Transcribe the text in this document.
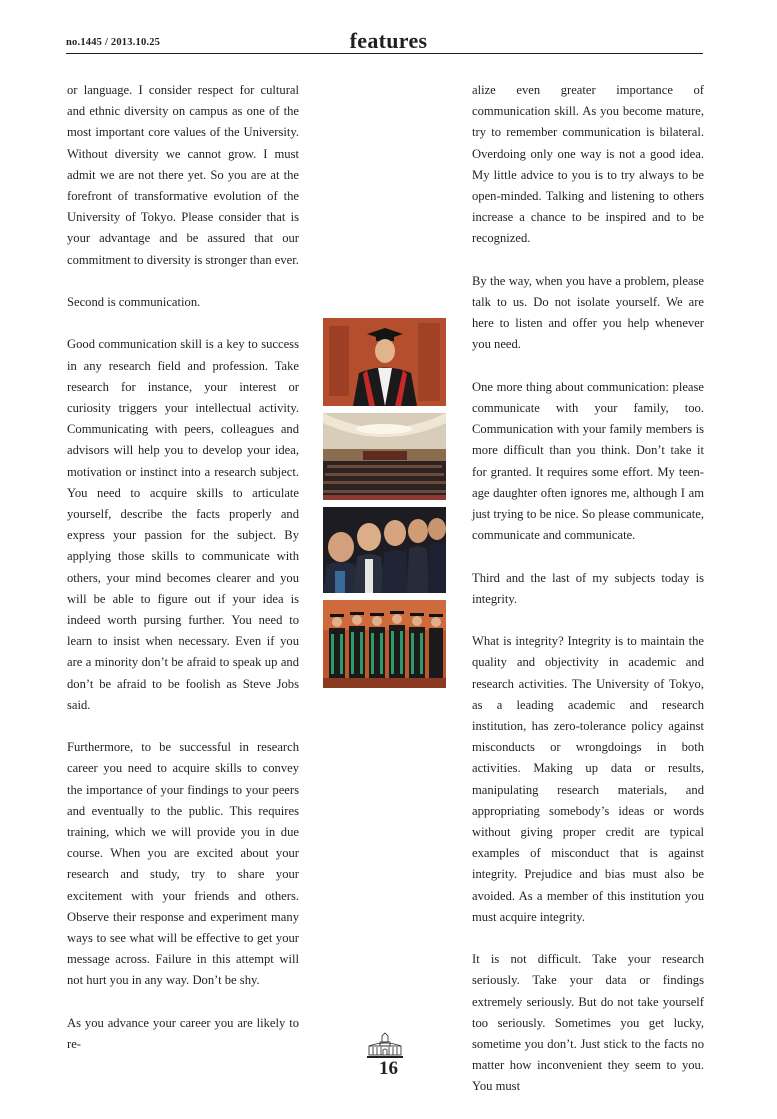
no.1445 / 2013.10.25	features

or language. I consider respect for cultural and ethnic diversity on campus as one of the most important core values of the University. Without diversity we cannot grow. I must admit we are not there yet. So you are at the forefront of transformative evolution of the University of Tokyo. Please consider that is your advantage and be assured that our commitment to diversity is stronger than ever.

Second is communication.

Good communication skill is a key to success in any research field and profession. Take research for instance, your interest or curiosity triggers your intellectual activity. Communicating with peers, colleagues and advisors will help you to develop your idea, motivation or instinct into a research subject. You need to acquire skills to articulate yourself, describe the facts properly and express your passion for the subject. By applying those skills to communicate with others, your mind becomes clearer and you will be able to figure out if your idea is indeed worth pursing further. You need to learn to insist when necessary. Even if you are a minority don’t be afraid to speak up and don’t be afraid to be foolish as Steve Jobs said.

Furthermore, to be successful in research career you need to acquire skills to convey the importance of your findings to your peers and eventually to the public. This requires training, which we will provide you in due course. When you are excited about your research and study, try to share your excitement with your friends and others. Observe their response and experiment many ways to see what will be effective to get your message across. Failure in this attempt will not hurt you in any way. Don’t be shy.

As you advance your career you are likely to re-

alize even greater importance of communication skill. As you become mature, try to remember communication is bilateral. Overdoing only one way is not a good idea. My little advice to you is to try always to be open-minded. Talking and listening to others increase a chance to be inspired and to be recognized.

By the way, when you have a problem, please talk to us. Do not isolate yourself. We are here to listen and offer you help whenever you need.

One more thing about communication: please communicate with your family, too. Communication with your family members is more difficult than you think. Don’t take it for granted. It requires some effort. My teen-age daughter often ignores me, although I am just trying to be nice. So please communicate, communicate and communicate.

Third and the last of my subjects today is integrity.

What is integrity? Integrity is to maintain the quality and objectivity in academic and research activities. The University of Tokyo, as a leading academic and research institution, has zero-tolerance policy against misconducts or wrongdoings in both activities. Making up data or results, manipulating research materials, and appropriating somebody’s ideas or words without giving proper credit are typical examples of misconduct that is against integrity. Prejudice and bias must also be avoided. As a member of this institution you must acquire integrity.

It is not difficult. Take your research seriously. Take your data or findings extremely seriously. But do not take yourself too seriously. Sometimes you get lucky, sometime you don’t. Just stick to the facts no matter how inconvenient they seem to you. You must

16
